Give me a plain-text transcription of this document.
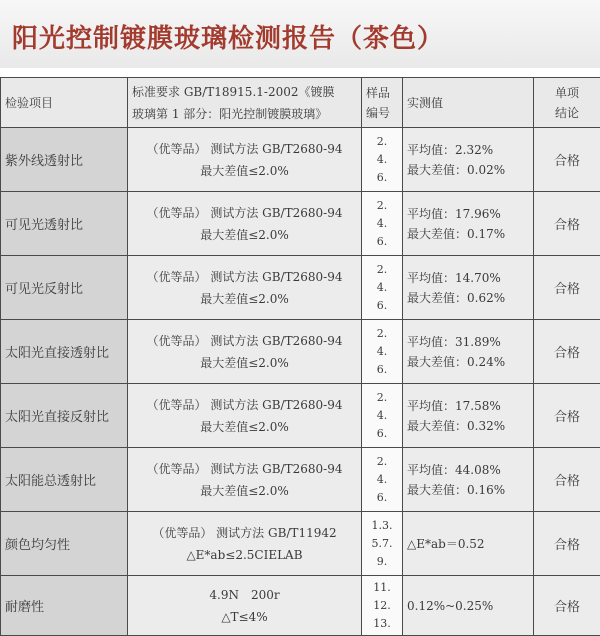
阳光控制镀膜玻璃检测报告（茶色）
检验项目	标准要求 GB/T18915.1-2002《镀膜
玻璃第 1 部分：阳光控制镀膜玻璃》	样品
编号	实测值	单项
结论

紫外线透射比	（优等品） 测试方法 GB/T2680-94
最大差值≤2.0%	2.
4.
6.	平均值：2.32%
最大差值：0.02%	合格
可见光透射比	（优等品） 测试方法 GB/T2680-94
最大差值≤2.0%	2.
4.
6.	平均值：17.96%
最大差值：0.17%	合格
可见光反射比	（优等品） 测试方法 GB/T2680-94
最大差值≤2.0%	2.
4.
6.	平均值：14.70%
最大差值：0.62%	合格
太阳光直接透射比	（优等品） 测试方法 GB/T2680-94
最大差值≤2.0%	2.
4.
6.	平均值：31.89%
最大差值：0.24%	合格
太阳光直接反射比	（优等品） 测试方法 GB/T2680-94
最大差值≤2.0%	2.
4.
6.	平均值：17.58%
最大差值：0.32%	合格
太阳能总透射比	（优等品） 测试方法 GB/T2680-94
最大差值≤2.0%	2.
4.
6.	平均值：44.08%
最大差值：0.16%	合格
颜色均匀性	（优等品） 测试方法 GB/T11942
△E*ab≤2.5CIELAB	1.3.
5.7.
9.	△E*ab＝0.52	合格
耐磨性	4.9N　200r
△T≤4%	11.
12.
13.	0.12%~0.25%	合格
